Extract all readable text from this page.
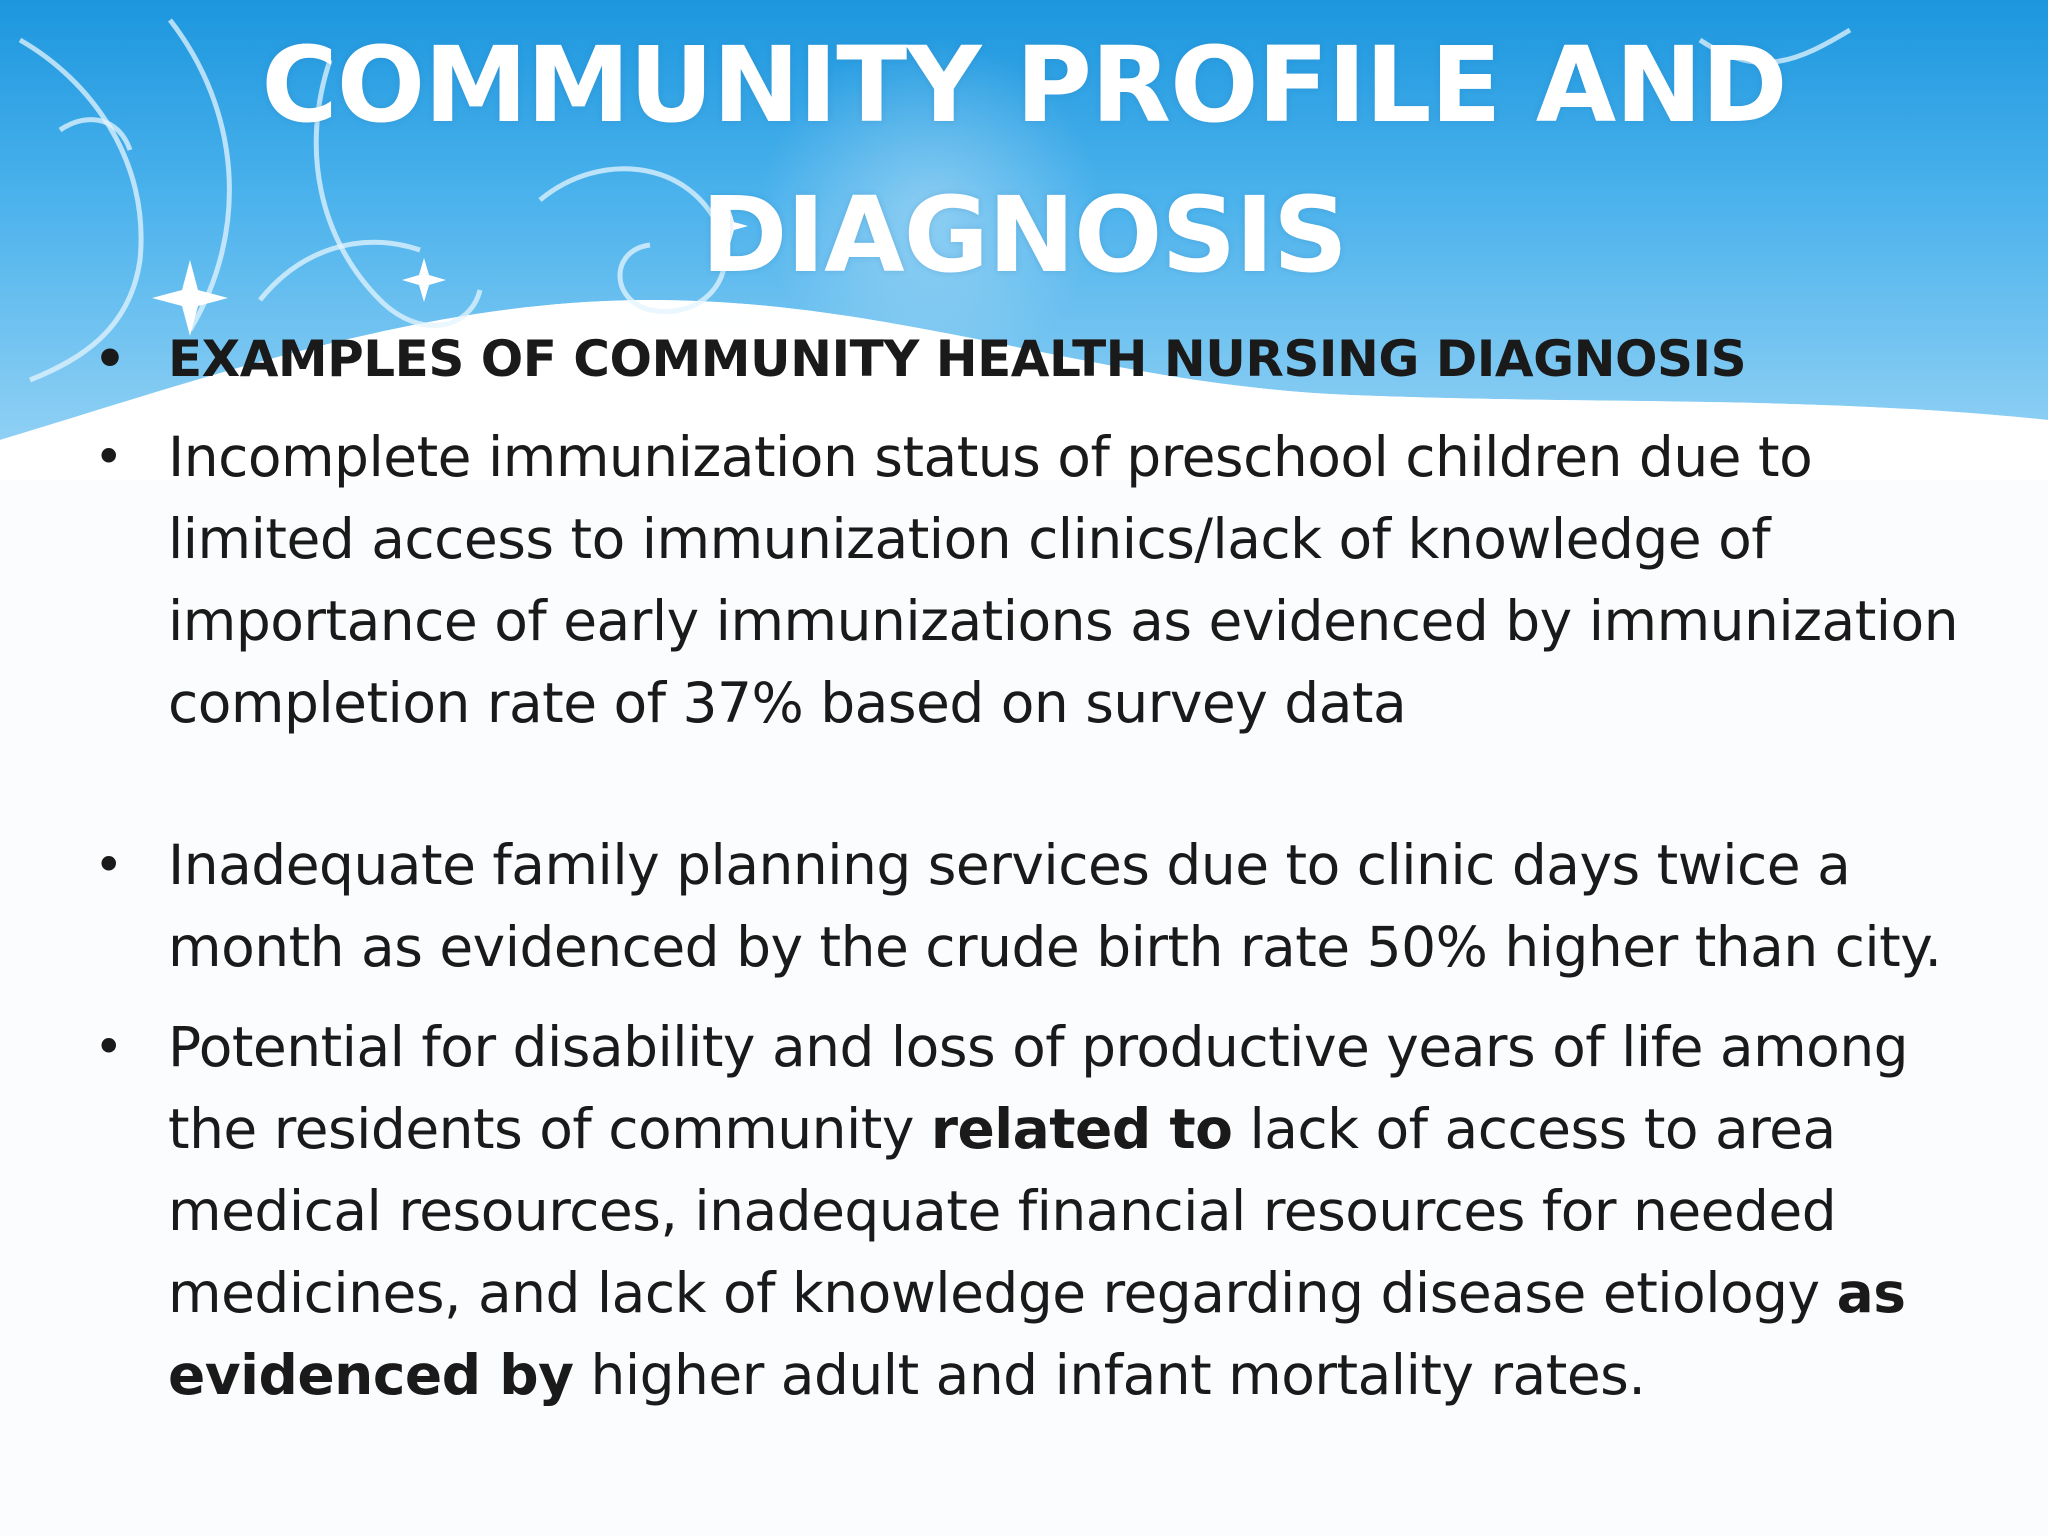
COMMUNITY PROFILE AND
DIAGNOSIS
• EXAMPLES OF COMMUNITY HEALTH NURSING DIAGNOSIS
• Incomplete immunization status of preschool children due to limited access to immunization clinics/lack of knowledge of importance of early immunizations as evidenced by immunization completion rate of 37% based on survey data
• Inadequate family planning services due to clinic days twice a month as evidenced by the crude birth rate 50% higher than city.
• Potential for disability and loss of productive years of life among the residents of community related to lack of access to area medical resources, inadequate financial resources for needed medicines, and lack of knowledge regarding disease etiology as evidenced by higher adult and infant mortality rates.
